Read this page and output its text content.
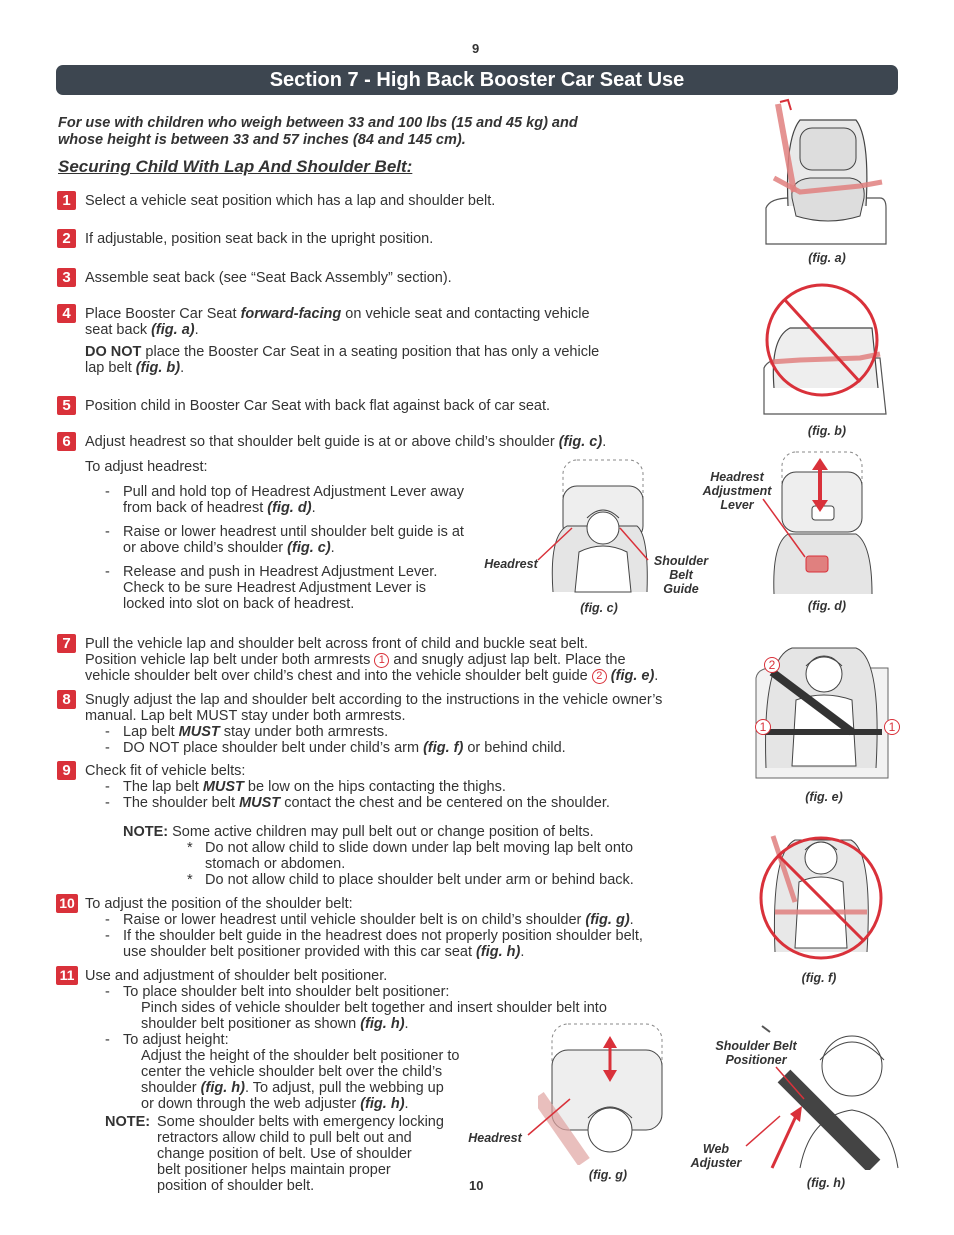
9
Section 7 - High Back Booster Car Seat Use
For use with children who weigh between 33 and 100 lbs (15 and 45 kg) and
whose height is between 33 and 57 inches (84 and 145 cm).
Securing Child With Lap And Shoulder Belt:
1 Select a vehicle seat position which has a lap and shoulder belt.
2 If adjustable, position seat back in the upright position.
3 Assemble seat back (see “Seat Back Assembly” section).
4 Place Booster Car Seat forward-facing on vehicle seat and contacting vehicle
seat back (fig. a).
DO NOT place the Booster Car Seat in a seating position that has only a vehicle
lap belt (fig. b).
5 Position child in Booster Car Seat with back flat against back of car seat.
6 Adjust headrest so that shoulder belt guide is at or above child’s shoulder (fig. c).
To adjust headrest:
- Pull and hold top of Headrest Adjustment Lever away
from back of headrest (fig. d).
- Raise or lower headrest until shoulder belt guide is at
or above child’s shoulder (fig. c).
- Release and push in Headrest Adjustment Lever.
Check to be sure Headrest Adjustment Lever is
locked into slot on back of headrest.
7 Pull the vehicle lap and shoulder belt across front of child and buckle seat belt.
Position vehicle lap belt under both armrests 1 and snugly adjust lap belt. Place the
vehicle shoulder belt over child’s chest and into the vehicle shoulder belt guide 2 (fig. e).
8 Snugly adjust the lap and shoulder belt according to the instructions in the vehicle owner’s
manual. Lap belt MUST stay under both armrests.
- Lap belt MUST stay under both armrests.
- DO NOT place shoulder belt under child’s arm (fig. f) or behind child.
9 Check fit of vehicle belts:
- The lap belt MUST be low on the hips contacting the thighs.
- The shoulder belt MUST contact the chest and be centered on the shoulder.
NOTE: Some active children may pull belt out or change position of belts.
* Do not allow child to slide down under lap belt moving lap belt onto
stomach or abdomen.
* Do not allow child to place shoulder belt under arm or behind back.
10 To adjust the position of the shoulder belt:
- Raise or lower headrest until vehicle shoulder belt is on child’s shoulder (fig. g).
- If the shoulder belt guide in the headrest does not properly position shoulder belt,
use shoulder belt positioner provided with this car seat (fig. h).
11 Use and adjustment of shoulder belt positioner.
- To place shoulder belt into shoulder belt positioner:
Pinch sides of vehicle shoulder belt together and insert shoulder belt into
shoulder belt positioner as shown (fig. h).
- To adjust height:
Adjust the height of the shoulder belt positioner to
center the vehicle shoulder belt over the child’s
shoulder (fig. h). To adjust, pull the webbing up
or down through the web adjuster (fig. h).
NOTE: Some shoulder belts with emergency locking
retractors allow child to pull belt out and
change position of belt. Use of shoulder
belt positioner helps maintain proper
position of shoulder belt.
(fig. a)
(fig. b)
Headrest	Shoulder
Belt
Guide
(fig. c)
Headrest
Adjustment
Lever
(fig. d)
2
1	1
(fig. e)
(fig. f)
Headrest
(fig. g)
Shoulder Belt
Positioner
Web
Adjuster
(fig. h)
10
